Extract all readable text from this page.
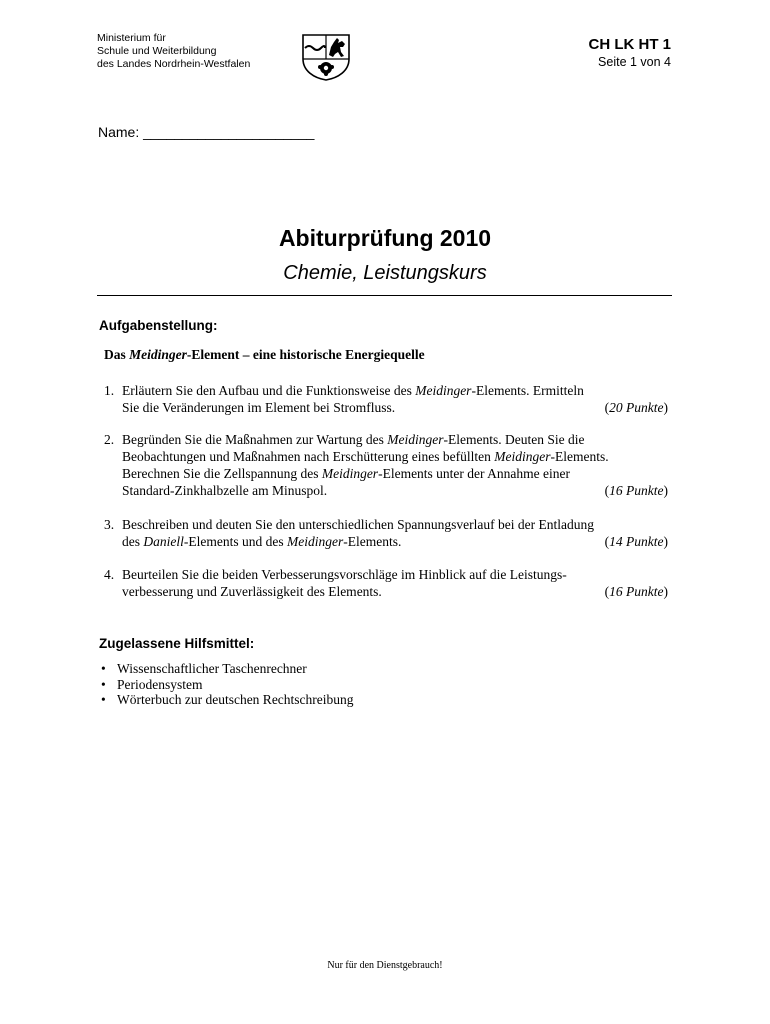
Ministerium für
Schule und Weiterbildung
des Landes Nordrhein-Westfalen
CH LK HT 1
Seite 1 von 4
Name: ______________________
Abiturprüfung 2010
Chemie, Leistungskurs
Aufgabenstellung:
Das Meidinger-Element – eine historische Energiequelle
1. Erläutern Sie den Aufbau und die Funktionsweise des Meidinger-Elements. Ermitteln
Sie die Veränderungen im Element bei Stromfluss.	(20 Punkte)
2. Begründen Sie die Maßnahmen zur Wartung des Meidinger-Elements. Deuten Sie die
Beobachtungen und Maßnahmen nach Erschütterung eines befüllten Meidinger-Elements.
Berechnen Sie die Zellspannung des Meidinger-Elements unter der Annahme einer
Standard-Zinkhalbzelle am Minuspol.	(16 Punkte)
3. Beschreiben und deuten Sie den unterschiedlichen Spannungsverlauf bei der Entladung
des Daniell-Elements und des Meidinger-Elements.	(14 Punkte)
4. Beurteilen Sie die beiden Verbesserungsvorschläge im Hinblick auf die Leistungs-
verbesserung und Zuverlässigkeit des Elements.	(16 Punkte)
Zugelassene Hilfsmittel:
• Wissenschaftlicher Taschenrechner
• Periodensystem
• Wörterbuch zur deutschen Rechtschreibung
Nur für den Dienstgebrauch!
